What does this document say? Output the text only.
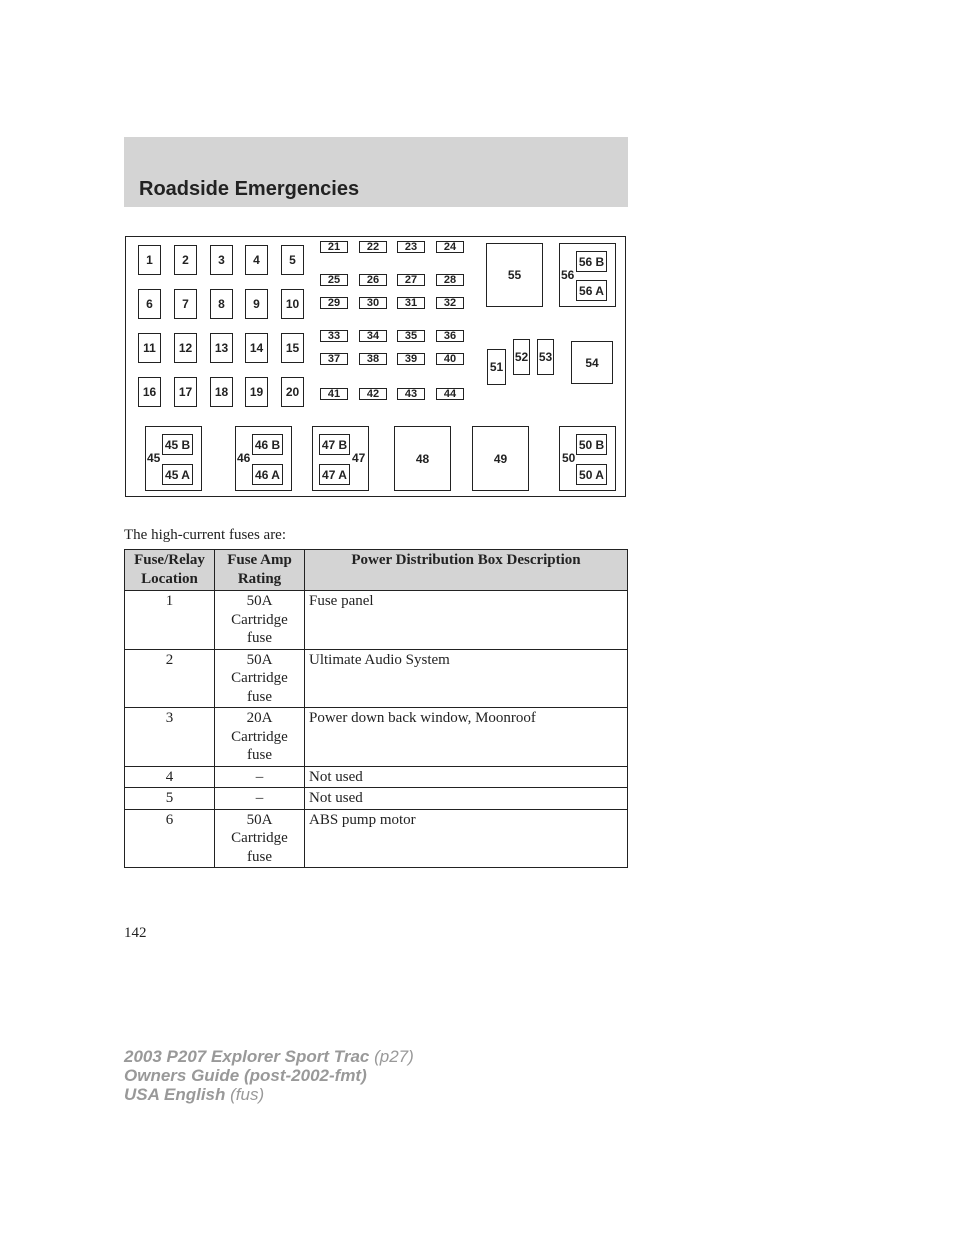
Roadside Emergencies
45
45 B
45 A
46
46 B
46 A
47
47 B
47 A
48	49	50
50 B
50 A
51
52 53	54
55	56
56 B
56 A
1	2	3	4	5
6	7	8	9	10
11	12	13	14	15
16	17	18	19	20
21	22	23	24
25	26	27	28
29	30	31	32
33	34	35	36
37	38	39	40
41	42	43	44
The high-current fuses are:
Fuse/Relay Location	Fuse Amp Rating	Power Distribution Box Description
1	50A Cartridge fuse	Fuse panel
2	50A Cartridge fuse	Ultimate Audio System
3	20A Cartridge fuse	Power down back window, Moonroof
4	–	Not used
5	–	Not used
6	50A Cartridge fuse	ABS pump motor
142
2003 P207 Explorer Sport Trac (p27)
Owners Guide (post-2002-fmt)
USA English (fus)
